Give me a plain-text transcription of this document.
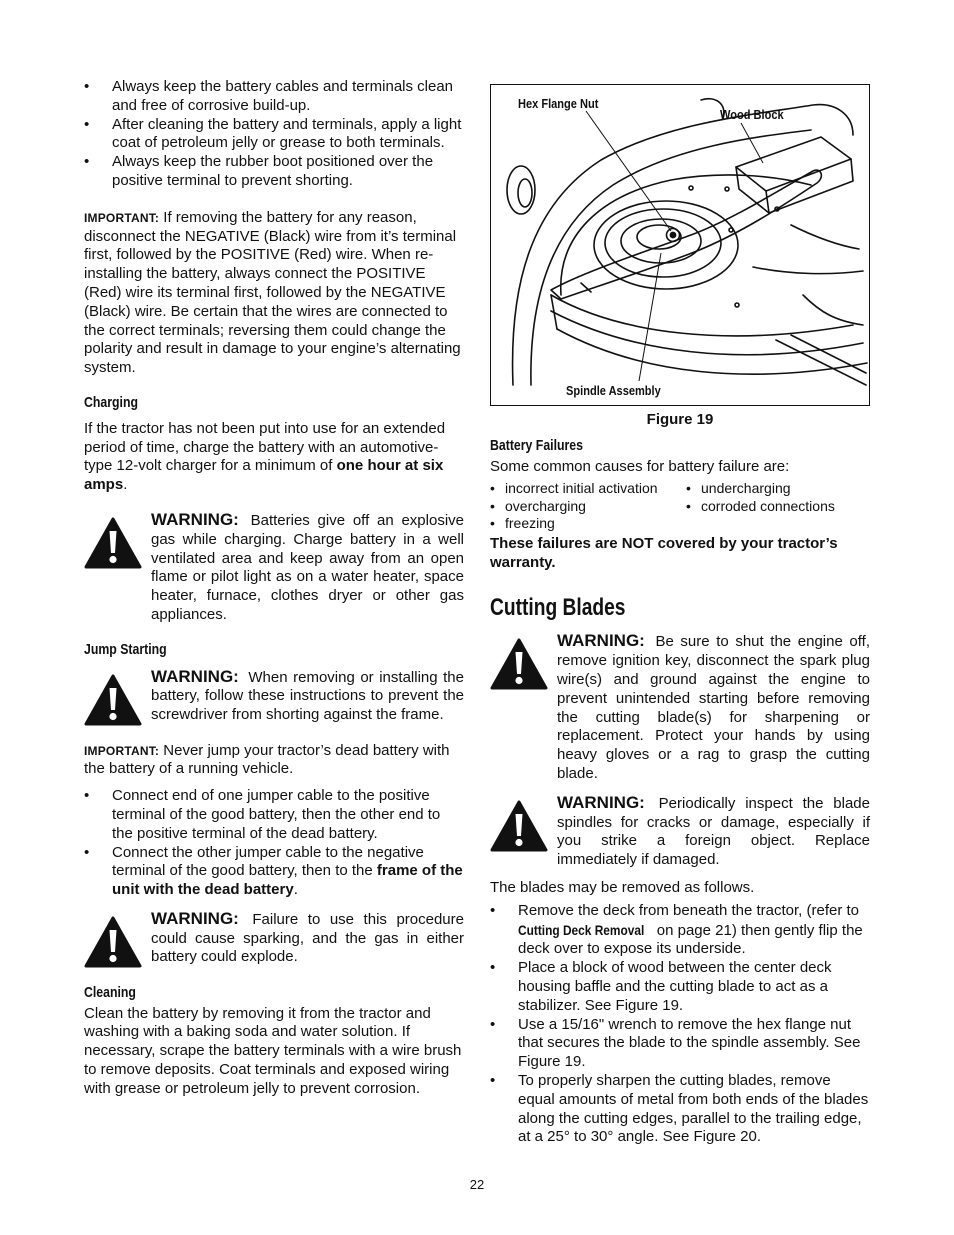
• Always keep the battery cables and terminals clean and free of corrosive build-up.
• After cleaning the battery and terminals, apply a light coat of petroleum jelly or grease to both terminals.
• Always keep the rubber boot positioned over the positive terminal to prevent shorting.

IMPORTANT: If removing the battery for any reason, disconnect the NEGATIVE (Black) wire from it’s terminal first, followed by the POSITIVE (Red) wire. When re-installing the battery, always connect the POSITIVE (Red) wire its terminal first, followed by the NEGATIVE (Black) wire. Be certain that the wires are connected to the correct terminals; reversing them could change the polarity and result in damage to your engine’s alternating system.

Charging

If the tractor has not been put into use for an extended period of time, charge the battery with an automotive-type 12-volt charger for a minimum of one hour at six amps.

WARNING: Batteries give off an explosive gas while charging. Charge battery in a well ventilated area and keep away from an open flame or pilot light as on a water heater, space heater, furnace, clothes dryer or other gas appliances.

Jump Starting

WARNING: When removing or installing the battery, follow these instructions to prevent the screwdriver from shorting against the frame.

IMPORTANT: Never jump your tractor’s dead battery with the battery of a running vehicle.

• Connect end of one jumper cable to the positive terminal of the good battery, then the other end to the positive terminal of the dead battery.
• Connect the other jumper cable to the negative terminal of the good battery, then to the frame of the unit with the dead battery.

WARNING: Failure to use this procedure could cause sparking, and the gas in either battery could explode.

Cleaning

Clean the battery by removing it from the tractor and washing with a baking soda and water solution. If necessary, scrape the battery terminals with a wire brush to remove deposits. Coat terminals and exposed wiring with grease or petroleum jelly to prevent corrosion.

Hex Flange Nut
Wood Block
Spindle Assembly
Figure 19
Battery Failures

Some common causes for battery failure are:

• incorrect initial activation
• overcharging
• freezing
• undercharging
• corroded connections

These failures are NOT covered by your tractor’s warranty.

Cutting Blades

WARNING: Be sure to shut the engine off, remove ignition key, disconnect the spark plug wire(s) and ground against the engine to prevent unintended starting before removing the cutting blade(s) for sharpening or replacement. Protect your hands by using heavy gloves or a rag to grasp the cutting blade.

WARNING: Periodically inspect the blade spindles for cracks or damage, especially if you strike a foreign object. Replace immediately if damaged.

The blades may be removed as follows.

• Remove the deck from beneath the tractor, (refer to Cutting Deck Removal on page 21) then gently flip the deck over to expose its underside.
• Place a block of wood between the center deck housing baffle and the cutting blade to act as a stabilizer. See Figure 19.
• Use a 15/16" wrench to remove the hex flange nut that secures the blade to the spindle assembly. See Figure 19.
• To properly sharpen the cutting blades, remove equal amounts of metal from both ends of the blades along the cutting edges, parallel to the trailing edge, at a 25° to 30° angle. See Figure 20.
22
